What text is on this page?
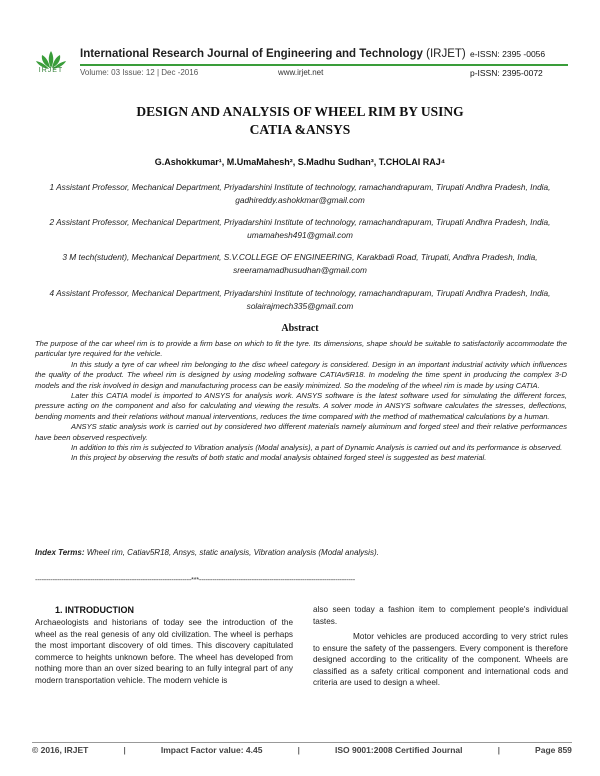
IRJET
International Research Journal of Engineering and Technology (IRJET) e-ISSN: 2395 -0056
Volume: 03 Issue: 12 | Dec -2016	www.irjet.net	p-ISSN: 2395-0072
DESIGN AND ANALYSIS OF WHEEL RIM BY USING
CATIA &ANSYS
G.Ashokkumar¹, M.UmaMahesh², S.Madhu Sudhan³, T.CHOLAI RAJ⁴
1 Assistant Professor, Mechanical Department, Priyadarshini Institute of technology, ramachandrapuram, Tirupati Andhra Pradesh, India, gadhireddy.ashokkmar@gmail.com
2 Assistant Professor, Mechanical Department, Priyadarshini Institute of technology, ramachandrapuram, Tirupati Andhra Pradesh, India, umamahesh491@gmail.com
3 M tech(student), Mechanical Department, S.V.COLLEGE OF ENGINEERING, Karakbadi Road, Tirupati, Andhra Pradesh, India, sreeramamadhusudhan@gmail.com
4 Assistant Professor, Mechanical Department, Priyadarshini Institute of technology, ramachandrapuram, Tirupati Andhra Pradesh, India, solairajmech335@gmail.com
Abstract

The purpose of the car wheel rim is to provide a firm base on which to fit the tyre. Its dimensions, shape should be suitable to satisfactorily accommodate the particular tyre required for the vehicle.

In this study a tyre of car wheel rim belonging to the disc wheel category is considered. Design in an important industrial activity which influences the quality of the product. The wheel rim is designed by using modeling software CATIAv5R18. In modeling the time spent in producing the complex 3-D models and the risk involved in design and manufacturing process can be easily minimized. So the modeling of the wheel rim is made by using CATIA.

Later this CATIA model is imported to ANSYS for analysis work. ANSYS software is the latest software used for simulating the different forces, pressure acting on the component and also for calculating and viewing the results. A solver mode in ANSYS software calculates the stresses, deflections, bending moments and their relations without manual interventions, reduces the time compared with the method of mathematical calculations by a human.

ANSYS static analysis work is carried out by considered two different materials namely aluminum and forged steel and their relative performances have been observed respectively.

In addition to this rim is subjected to Vibration analysis (Modal analysis), a part of Dynamic Analysis is carried out and its performance is observed.

In this project by observing the results of both static and modal analysis obtained forged steel is suggested as best material.

Index Terms: Wheel rim, Catiav5R18, Ansys, static analysis, Vibration analysis (Modal analysis).
-----------------------------------------------------------------------***-----------------------------------------------------------------------
1. INTRODUCTION

Archaeologists and historians of today see the introduction of the wheel as the real genesis of any old civilization. The wheel is perhaps the most important discovery of old times. This discovery capitulated commerce to heights unknown before. The wheel has developed from nothing more than an over sized bearing to an fully integral part of any modern transportation vehicle. The modern vehicle is

also seen today a fashion item to complement people's individual tastes.

Motor vehicles are produced according to very strict rules to ensure the safety of the passengers. Every component is therefore designed according to the criticality of the component. Wheels are classified as a safety critical component and international cods and criteria are used to design a wheel.

© 2016, IRJET	|	Impact Factor value: 4.45	|	ISO 9001:2008 Certified Journal	|	Page 859
